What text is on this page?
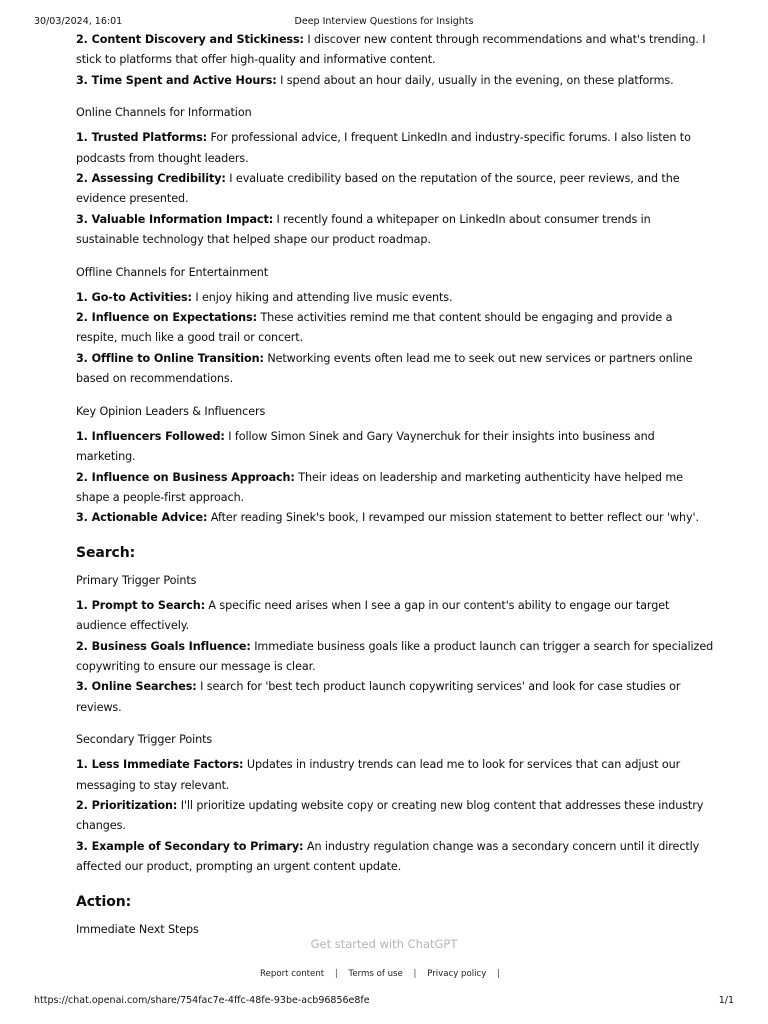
30/03/2024, 16:01	Deep Interview Questions for Insights

2. Content Discovery and Stickiness: I discover new content through recommendations and what's trending. I stick to platforms that offer high-quality and informative content.

3. Time Spent and Active Hours: I spend about an hour daily, usually in the evening, on these platforms.

Online Channels for Information

1. Trusted Platforms: For professional advice, I frequent LinkedIn and industry-specific forums. I also listen to podcasts from thought leaders.

2. Assessing Credibility: I evaluate credibility based on the reputation of the source, peer reviews, and the evidence presented.

3. Valuable Information Impact: I recently found a whitepaper on LinkedIn about consumer trends in sustainable technology that helped shape our product roadmap.

Offline Channels for Entertainment

1. Go-to Activities: I enjoy hiking and attending live music events.

2. Influence on Expectations: These activities remind me that content should be engaging and provide a respite, much like a good trail or concert.

3. Offline to Online Transition: Networking events often lead me to seek out new services or partners online based on recommendations.

Key Opinion Leaders & Influencers

1. Influencers Followed: I follow Simon Sinek and Gary Vaynerchuk for their insights into business and marketing.

2. Influence on Business Approach: Their ideas on leadership and marketing authenticity have helped me shape a people-first approach.

3. Actionable Advice: After reading Sinek's book, I revamped our mission statement to better reflect our 'why'.

Search:

Primary Trigger Points

1. Prompt to Search: A specific need arises when I see a gap in our content's ability to engage our target audience effectively.

2. Business Goals Influence: Immediate business goals like a product launch can trigger a search for specialized copywriting to ensure our message is clear.

3. Online Searches: I search for 'best tech product launch copywriting services' and look for case studies or reviews.

Secondary Trigger Points

1. Less Immediate Factors: Updates in industry trends can lead me to look for services that can adjust our messaging to stay relevant.

2. Prioritization: I'll prioritize updating website copy or creating new blog content that addresses these industry changes.

3. Example of Secondary to Primary: An industry regulation change was a secondary concern until it directly affected our product, prompting an urgent content update.

Action:

Immediate Next Steps

Get started with ChatGPT
Report content | Terms of use | Privacy policy |
https://chat.openai.com/share/754fac7e-4ffc-48fe-93be-acb96856e8fe	1/1
